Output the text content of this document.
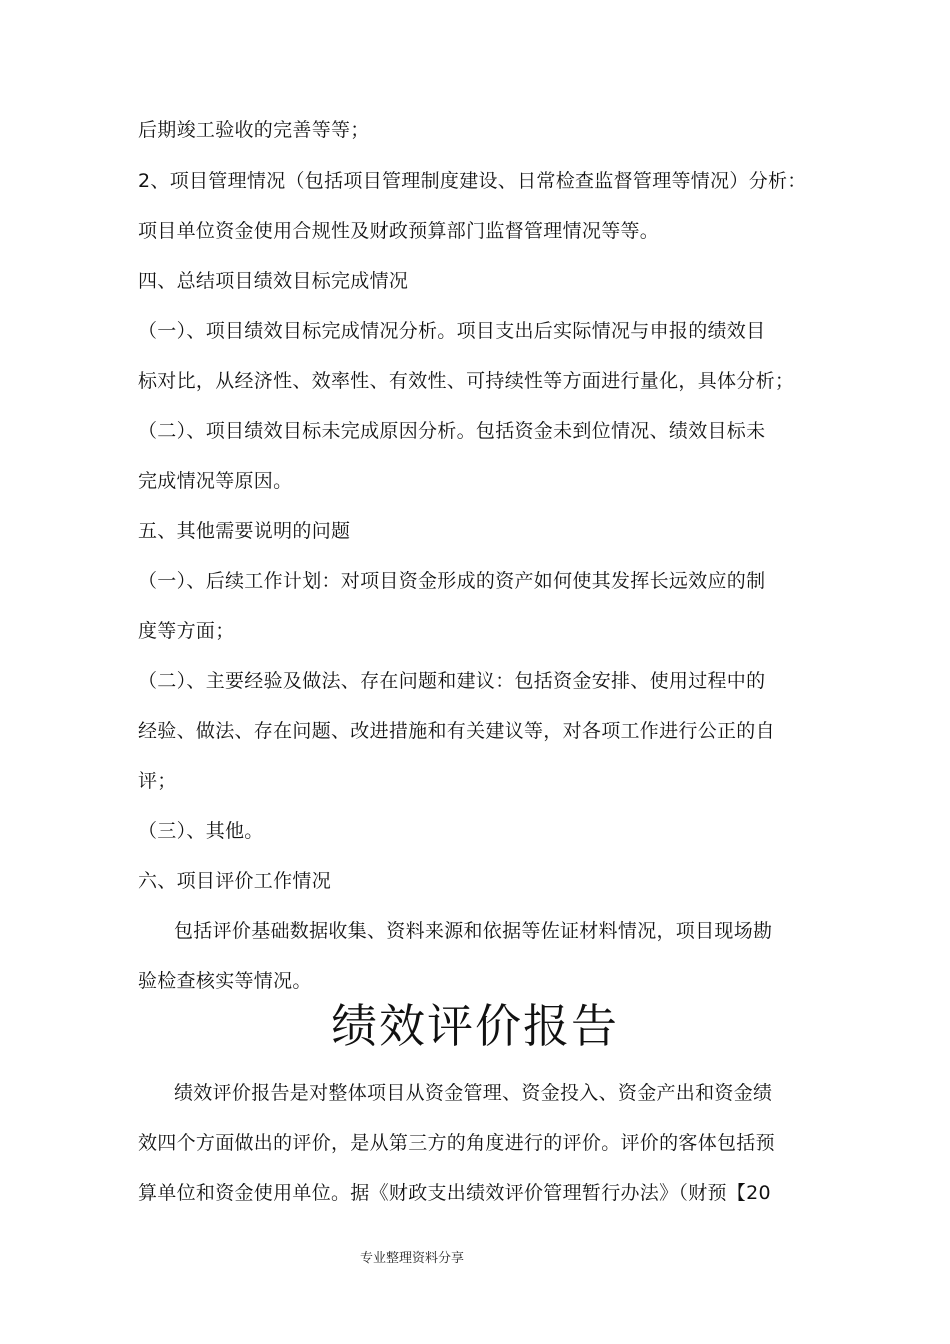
后期竣工验收的完善等等；
2、项目管理情况（包括项目管理制度建设、日常检查监督管理等情况）分析：
项目单位资金使用合规性及财政预算部门监督管理情况等等。
四、总结项目绩效目标完成情况
（一）、项目绩效目标完成情况分析。项目支出后实际情况与申报的绩效目
标对比，从经济性、效率性、有效性、可持续性等方面进行量化，具体分析；
（二）、项目绩效目标未完成原因分析。包括资金未到位情况、绩效目标未
完成情况等原因。
五、其他需要说明的问题
（一）、后续工作计划：对项目资金形成的资产如何使其发挥长远效应的制
度等方面；
（二）、主要经验及做法、存在问题和建议：包括资金安排、使用过程中的
经验、做法、存在问题、改进措施和有关建议等，对各项工作进行公正的自
评；
（三）、其他。
六、项目评价工作情况
包括评价基础数据收集、资料来源和依据等佐证材料情况，项目现场勘
验检查核实等情况。
绩效评价报告
绩效评价报告是对整体项目从资金管理、资金投入、资金产出和资金绩
效四个方面做出的评价，是从第三方的角度进行的评价。评价的客体包括预
算单位和资金使用单位。据《财政支出绩效评价管理暂行办法》（财预【20
专业整理资料分享
